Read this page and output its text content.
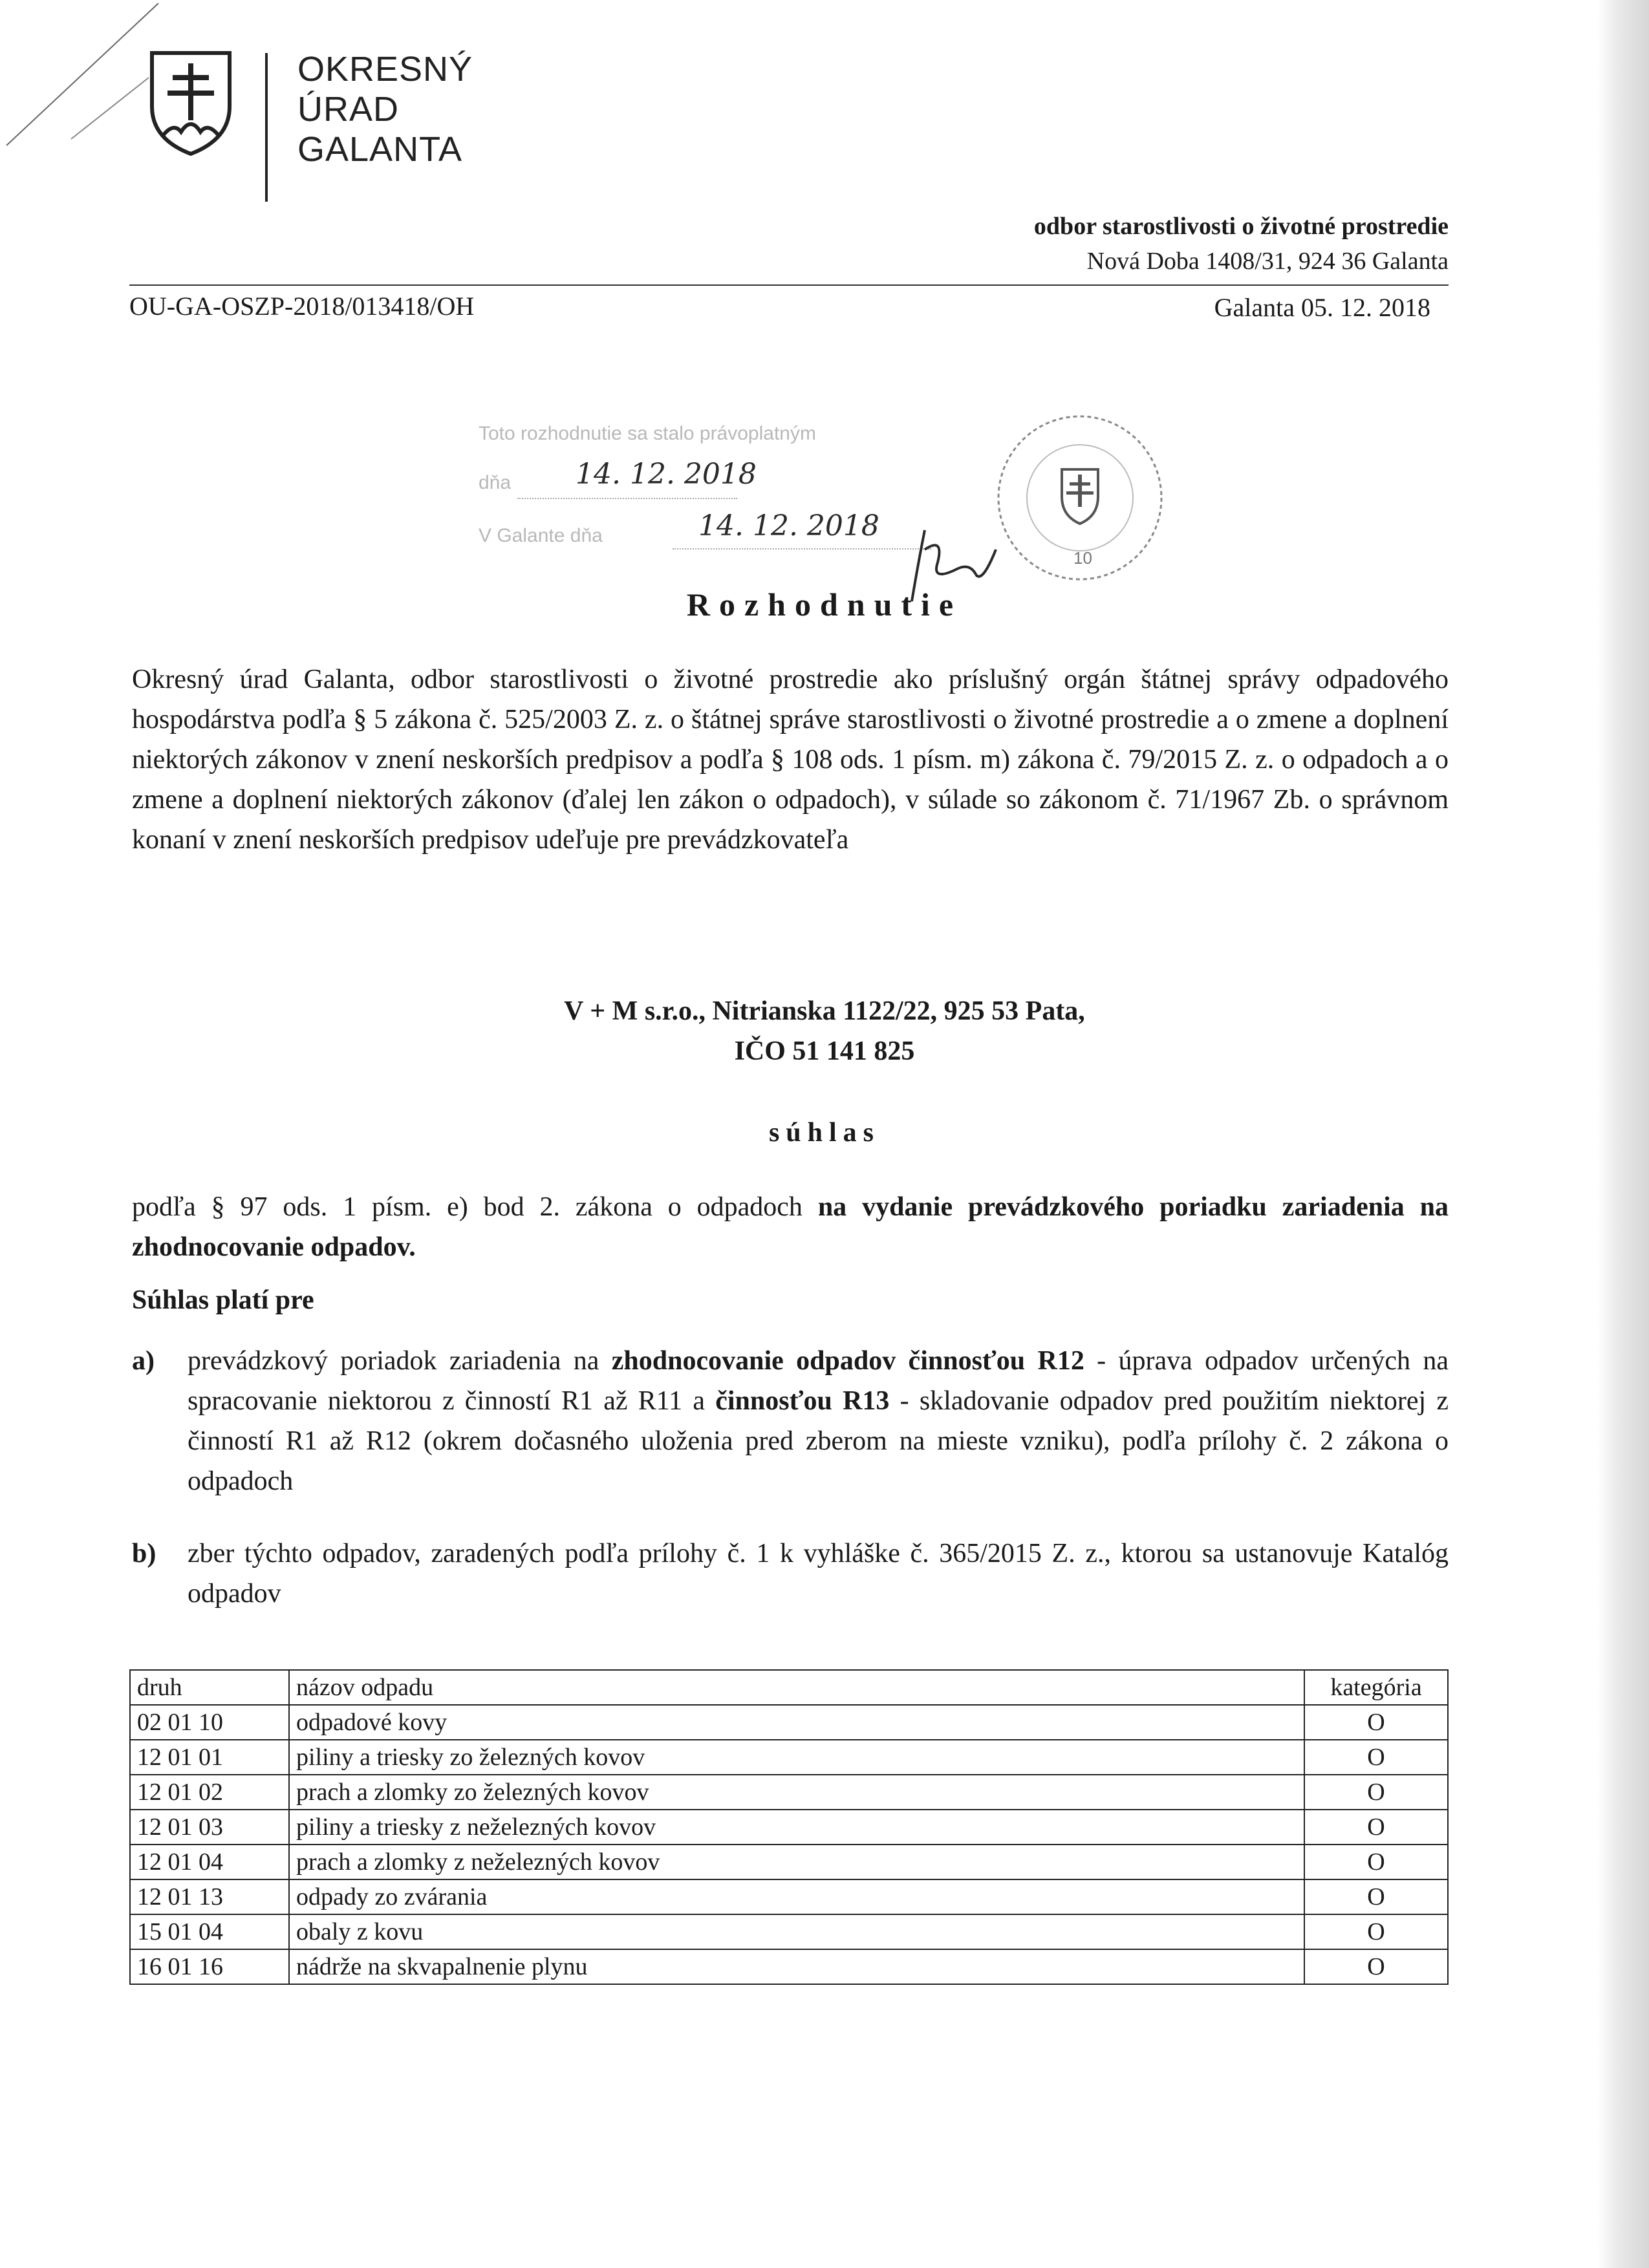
OKRESNÝ
ÚRAD
GALANTA
odbor starostlivosti o životné prostredie
Nová Doba 1408/31, 924 36 Galanta
OU-GA-OSZP-2018/013418/OH	Galanta 05. 12. 2018
Toto rozhodnutie sa stalo právoplatným
dňa 14. 12. 2018
V Galante dňa	14. 12. 2018
10
Rozhodnutie
Okresný úrad Galanta, odbor starostlivosti o životné prostredie ako príslušný orgán štátnej správy odpadového hospodárstva podľa § 5 zákona č. 525/2003 Z. z. o štátnej správe starostlivosti o životné prostredie a o zmene a doplnení niektorých zákonov v znení neskorších predpisov a podľa § 108 ods. 1 písm. m) zákona č. 79/2015 Z. z. o odpadoch a o zmene a doplnení niektorých zákonov (ďalej len zákon o odpadoch), v súlade so zákonom č. 71/1967 Zb. o správnom konaní v znení neskorších predpisov udeľuje pre prevádzkovateľa
V + M s.r.o., Nitrianska 1122/22, 925 53 Pata,
IČO 51 141 825
súhlas
podľa § 97 ods. 1 písm. e) bod 2. zákona o odpadoch na vydanie prevádzkového poriadku zariadenia na zhodnocovanie odpadov.
Súhlas platí pre
a) prevádzkový poriadok zariadenia na zhodnocovanie odpadov činnosťou R12 - úprava odpadov určených na spracovanie niektorou z činností R1 až R11 a činnosťou R13 - skladovanie odpadov pred použitím niektorej z činností R1 až R12 (okrem dočasného uloženia pred zberom na mieste vzniku), podľa prílohy č. 2 zákona o odpadoch
b) zber týchto odpadov, zaradených podľa prílohy č. 1 k vyhláške č. 365/2015 Z. z., ktorou sa ustanovuje Katalóg odpadov
druh	názov odpadu	kategória
02 01 10	odpadové kovy	O
12 01 01	piliny a triesky zo železných kovov	O
12 01 02	prach a zlomky zo železných kovov	O
12 01 03	piliny a triesky z neželezných kovov	O
12 01 04	prach a zlomky z neželezných kovov	O
12 01 13	odpady zo zvárania	O
15 01 04	obaly z kovu	O
16 01 16	nádrže na skvapalnenie plynu	O
